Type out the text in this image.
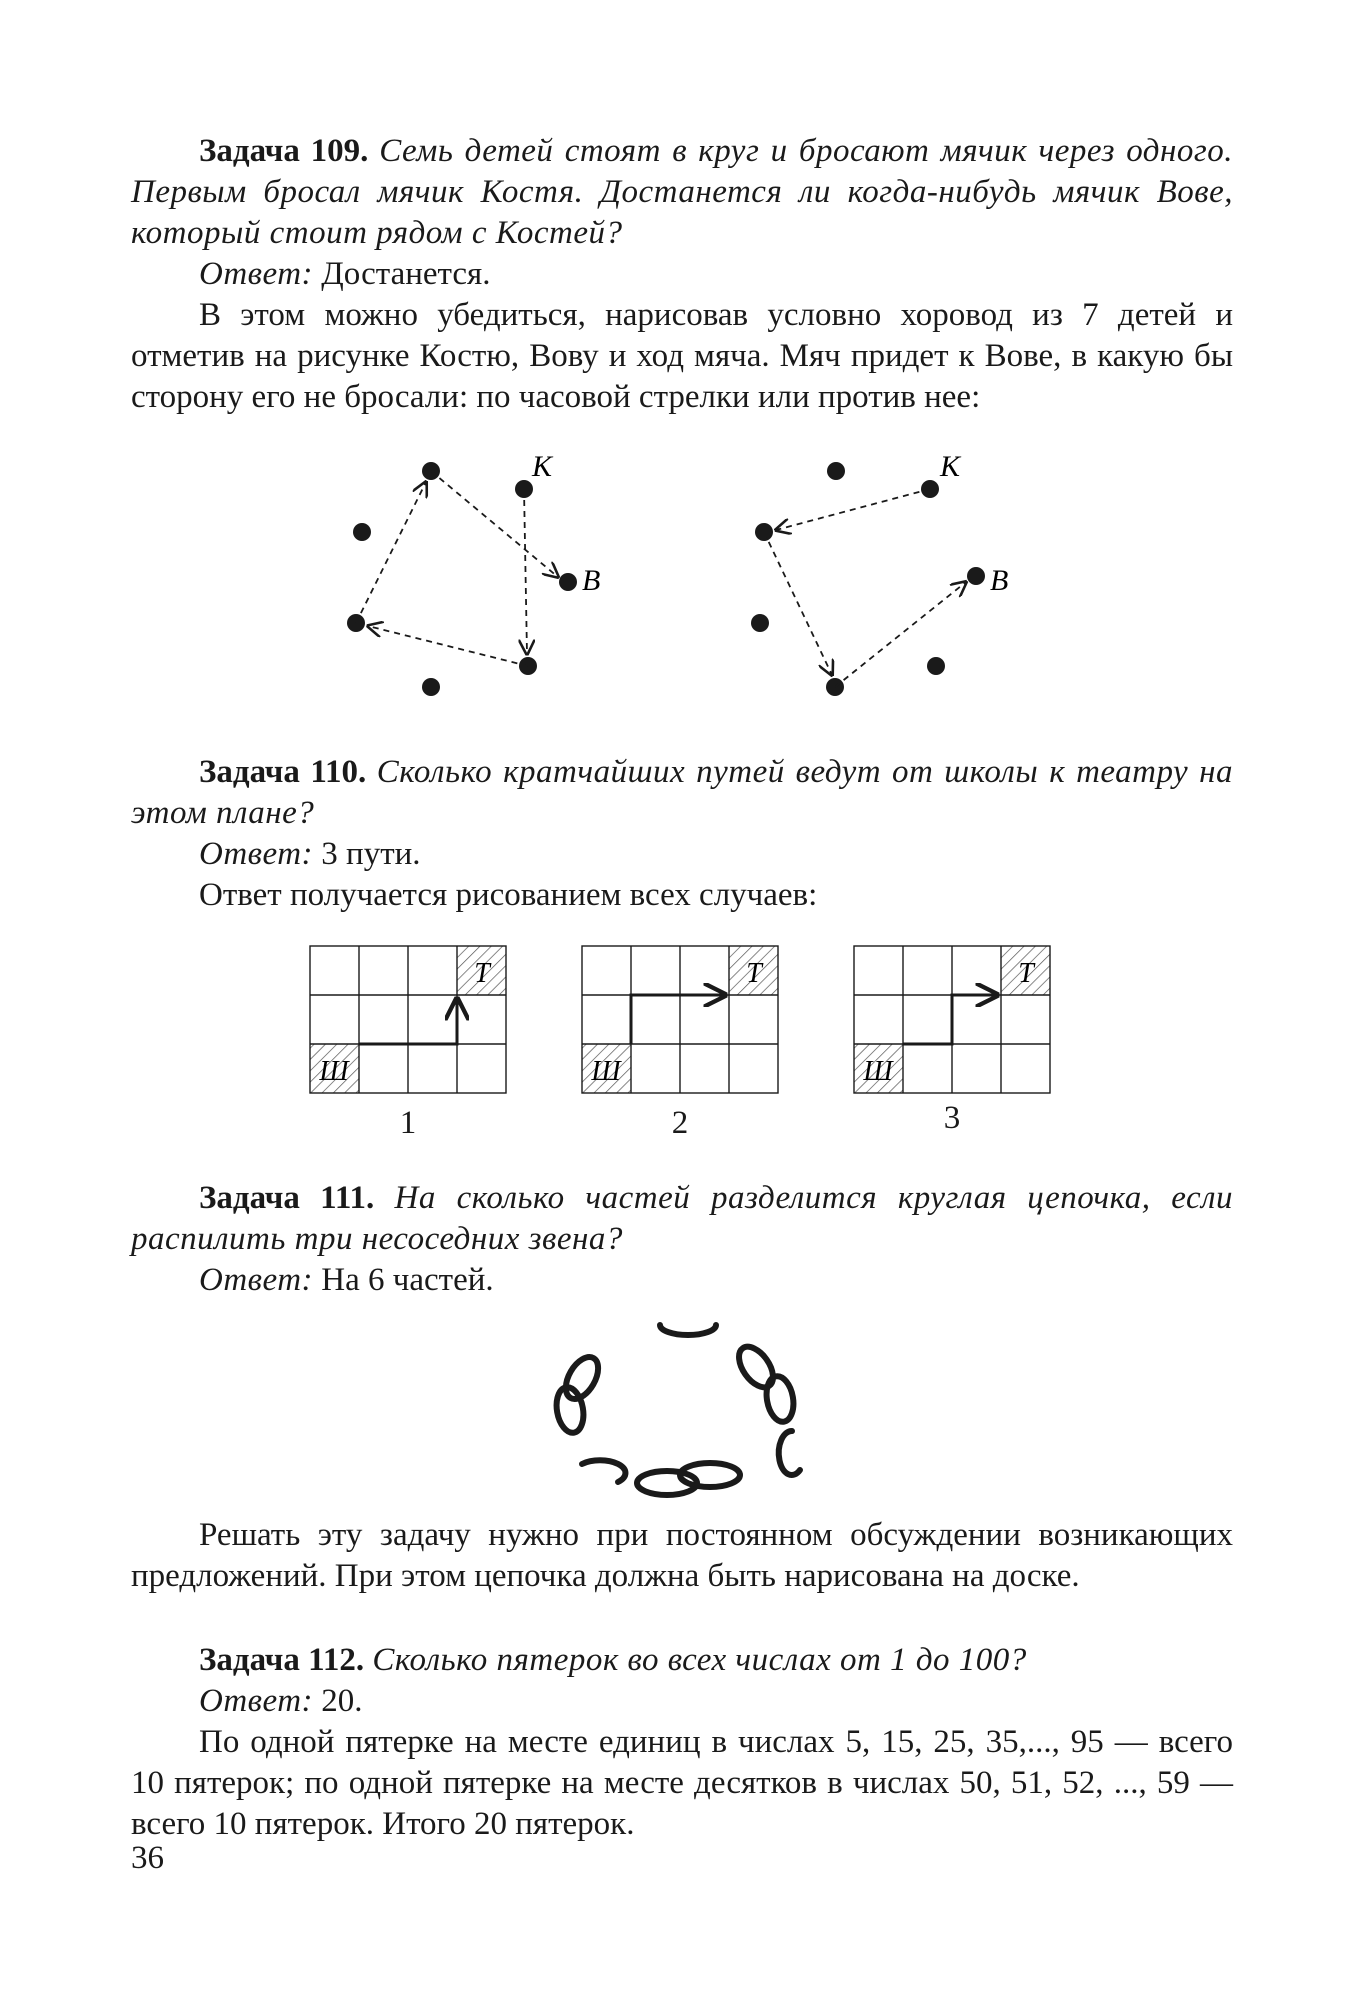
Задача 109. Семь детей стоят в круг и бросают мячик через одного. Первым бросал мячик Костя. Достанется ли когда-нибудь мячик Вове, который стоит рядом с Костей?

Ответ: Достанется.

В этом можно убедиться, нарисовав условно хоровод из 7 детей и отметив на рисунке Костю, Вову и ход мяча. Мяч придет к Вове, в какую бы сторону его не бросали: по часовой стрелки или против нее:

K
B
K
B

Задача 110. Сколько кратчайших путей ведут от школы к театру на этом плане?

Ответ: 3 пути.

Ответ получается рисованием всех случаев:

Т
Ш
Т
Ш
Т
Ш
1	2	3

Задача 111. На сколько частей разделится круглая цепочка, если распилить три несоседних звена?

Ответ: На 6 частей.

Решать эту задачу нужно при постоянном обсуждении возникающих предложений. При этом цепочка должна быть нарисована на доске.

Задача 112. Сколько пятерок во всех числах от 1 до 100?

Ответ: 20.

По одной пятерке на месте единиц в числах 5, 15, 25, 35,..., 95 — всего 10 пятерок; по одной пятерке на месте десятков в числах 50, 51, 52, ..., 59 — всего 10 пятерок. Итого 20 пятерок.

36
